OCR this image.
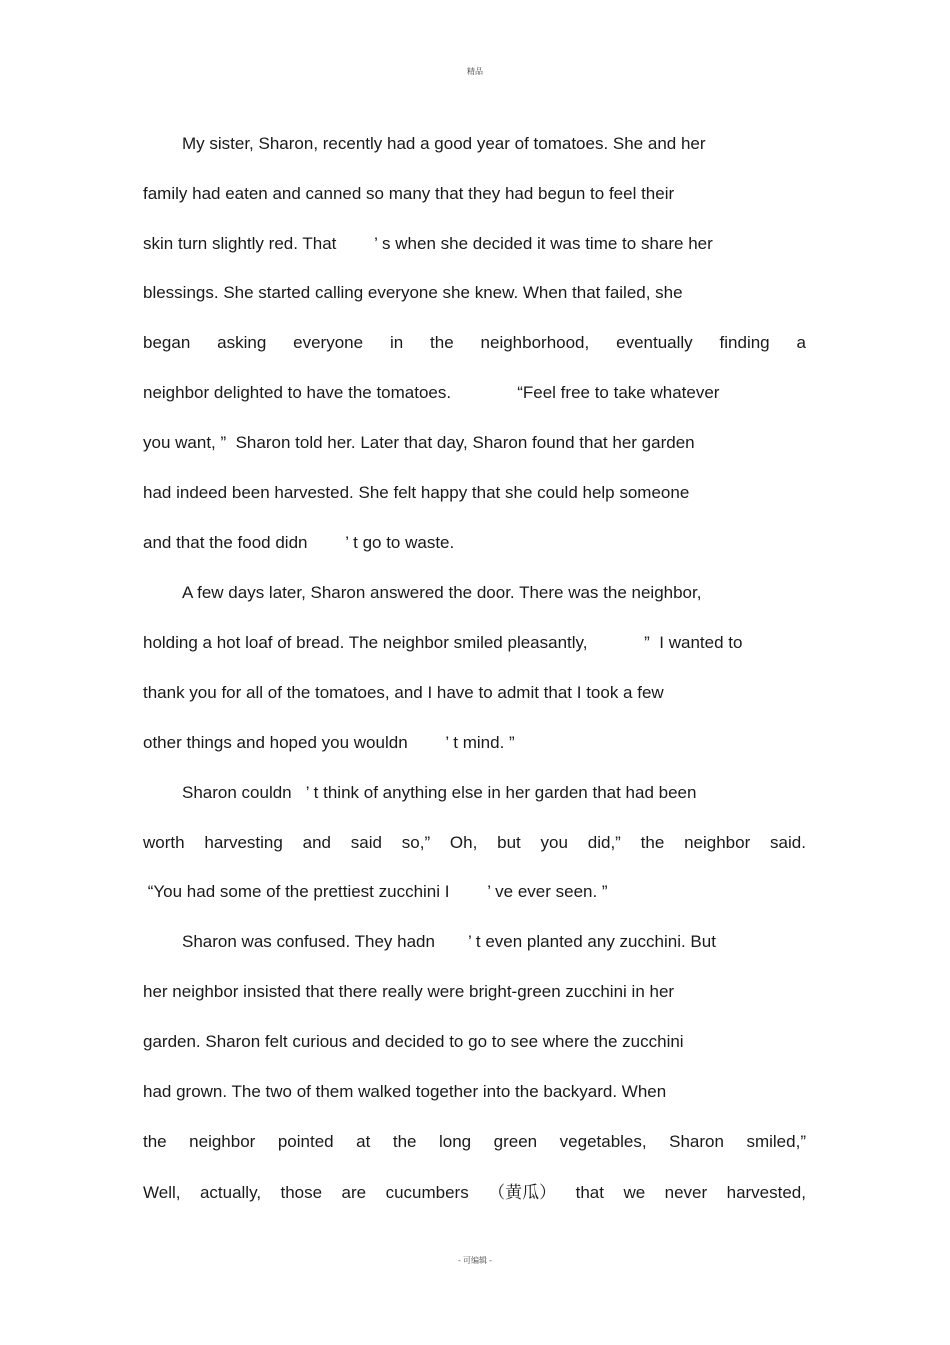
精品
My sister, Sharon, recently had a good year of tomatoes. She and her
family had eaten and canned so many that they had begun to feel their
skin turn slightly red. That        ’ s when she decided it was time to share her
blessings. She started calling everyone she knew. When that failed, she
began asking everyone in the neighborhood, eventually finding a
neighbor delighted to have the tomatoes.              “Feel free to take whatever
you want, ”  Sharon told her. Later that day, Sharon found that her garden
had indeed been harvested. She felt happy that she could help someone
and that the food didn        ’ t go to waste.
A few days later, Sharon answered the door. There was the neighbor,
holding a hot loaf of bread. The neighbor smiled pleasantly,            ”  I wanted to
thank you for all of the tomatoes, and I have to admit that I took a few
other things and hoped you wouldn        ’ t mind. ”
Sharon couldn   ’ t think of anything else in her garden that had been
worth harvesting and said so,” Oh, but you did,” the neighbor said.
“You had some of the prettiest zucchini I        ’ ve ever seen. ”
Sharon was confused. They hadn       ’ t even planted any zucchini. But
her neighbor insisted that there really were bright-green zucchini in her
garden. Sharon felt curious and decided to go to see where the zucchini
had grown. The two of them walked together into the backyard. When
the neighbor pointed at the long green vegetables, Sharon smiled,”
Well, actually, those are cucumbers （黄瓜） that we never harvested,
- 可编辑 -
